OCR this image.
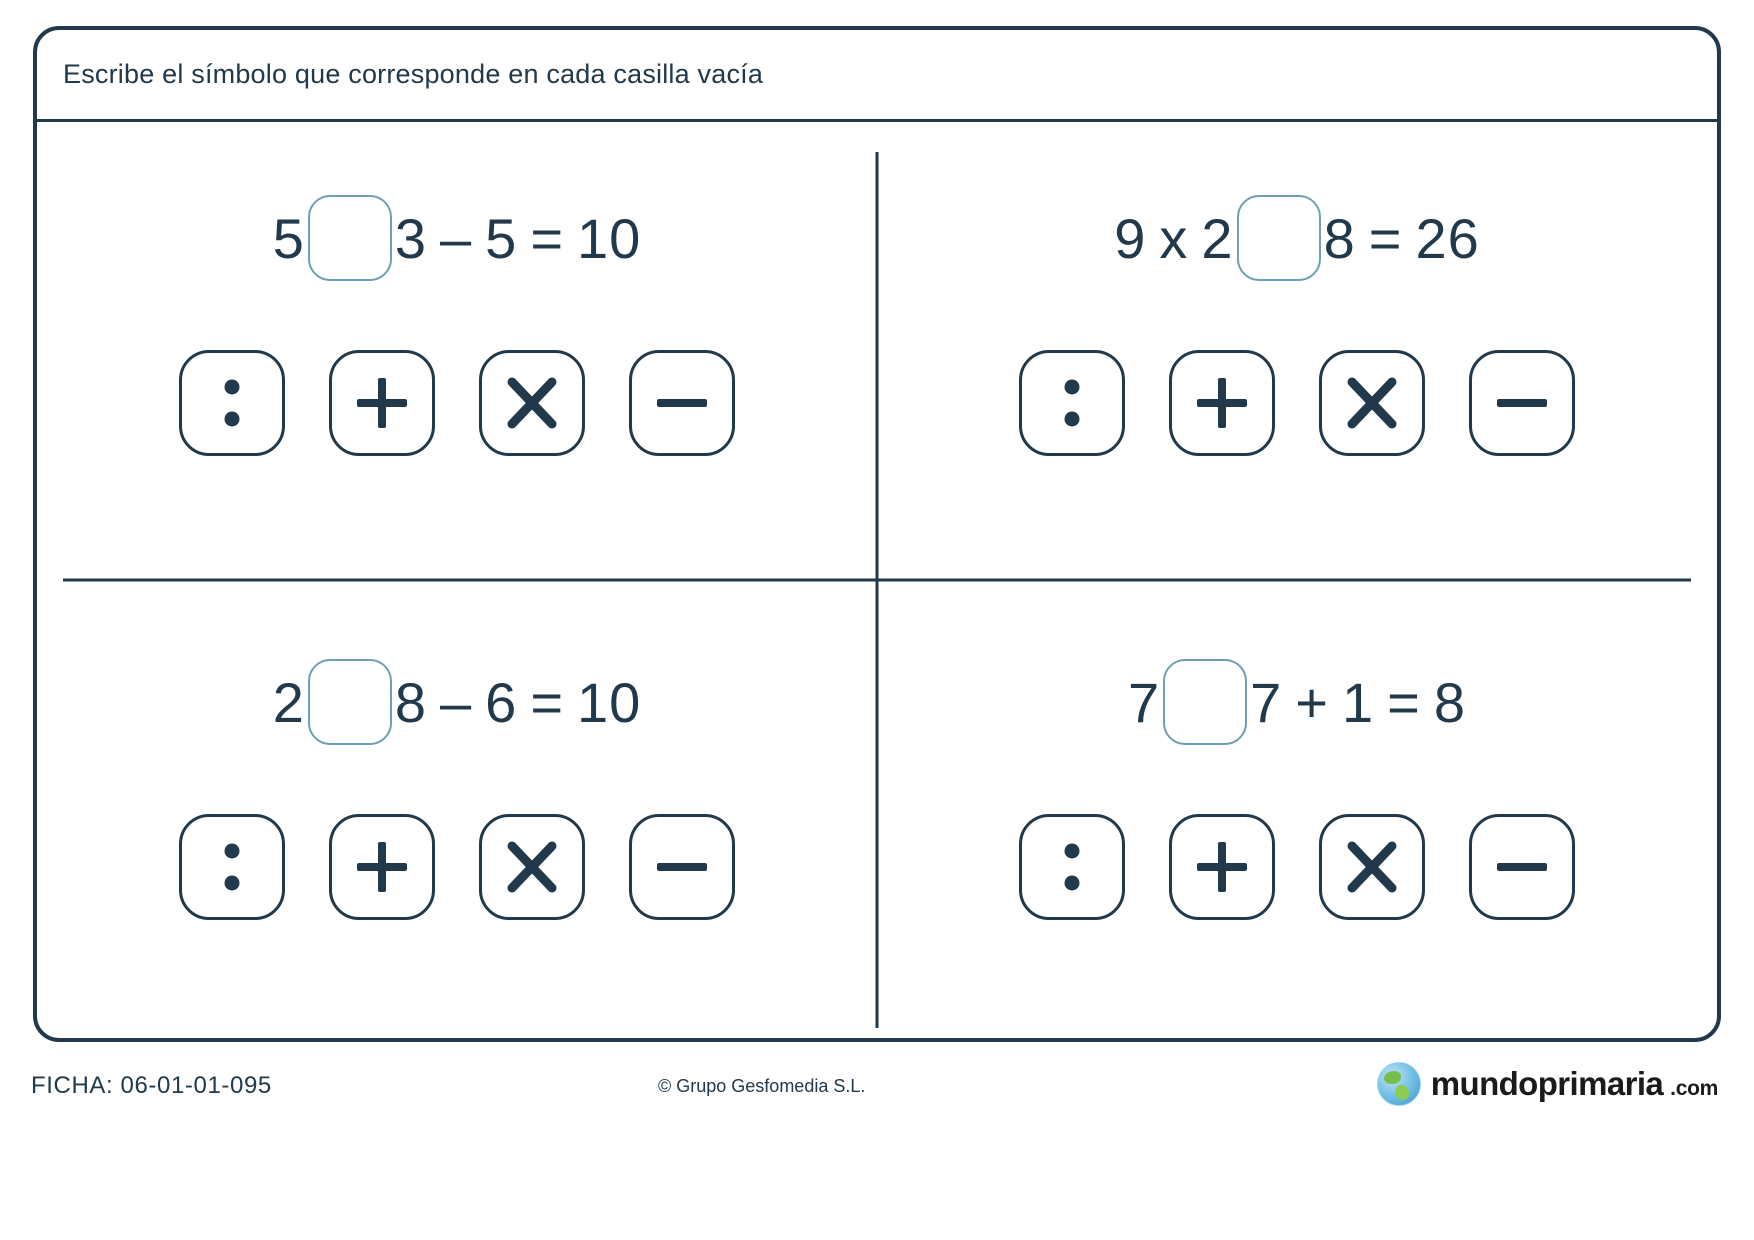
Escribe el símbolo que corresponde en cada casilla vacía
5 3 – 5 = 10	9 x 2 8 = 26
2 8 – 6 = 10	7 7 + 1 = 8
FICHA: 06-01-01-095	© Grupo Gesfomedia S.L.	mundoprimaria .com
